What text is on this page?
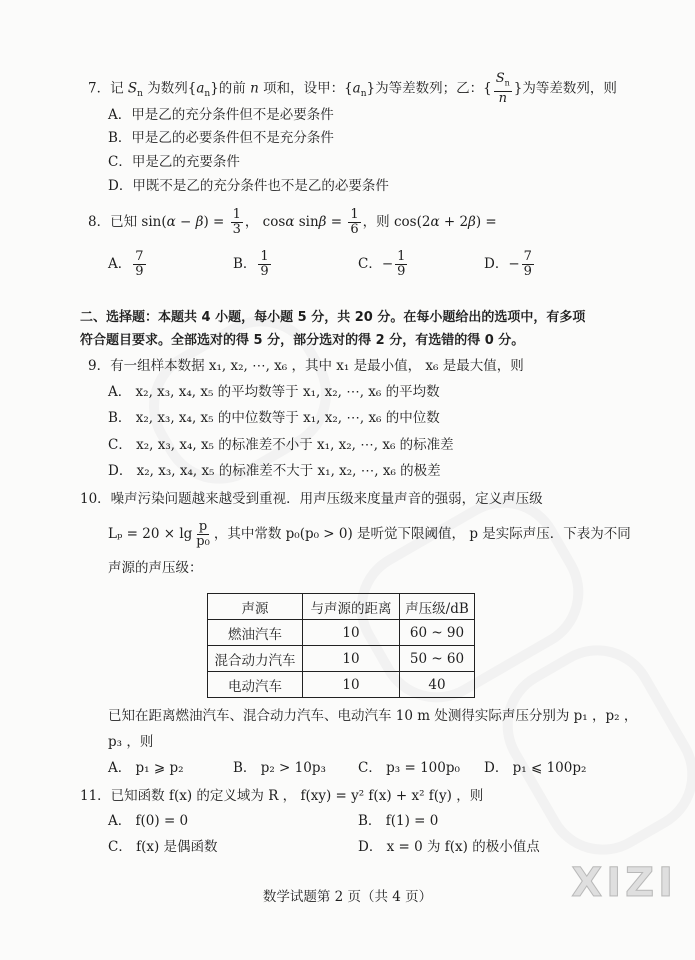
7．记 $S_n$ 为数列$\{a_n\}$的前 n 项和，设甲：$\{a_n\}$为等差数列；乙：{ $\frac{S_n}{n}$ }为等差数列，则
A．甲是乙的充分条件但不是必要条件
B．甲是乙的必要条件但不是充分条件
C．甲是乙的充要条件
D．甲既不是乙的充分条件也不是乙的必要条件
8．已知 $\sin(\alpha - \beta) = \frac{1}{3}$ ， cosα $\sin\beta = \frac{1}{6}$ ，则 cos(2α + 2β) =
A． $\frac{7}{9}$	B． $\frac{1}{9}$	C．− $\frac{1}{9}$	D．− $\frac{7}{9}$
二、选择题：本题共 4 小题，每小题 5 分，共 20 分。在每小题给出的选项中，有多项
符合题目要求。全部选对的得 5 分，部分选对的得 2 分，有选错的得 0 分。
9．有一组样本数据 x₁, x₂, ⋯, x₆ ，其中 x₁ 是最小值， x₆ 是最大值，则
A． x₂, x₃, x₄, x₅ 的平均数等于 x₁, x₂, ⋯, x₆ 的平均数
B． x₂, x₃, x₄, x₅ 的中位数等于 x₁, x₂, ⋯, x₆ 的中位数
C． x₂, x₃, x₄, x₅ 的标准差不小于 x₁, x₂, ⋯, x₆ 的标准差
D． x₂, x₃, x₄, x₅ 的标准差不大于 x₁, x₂, ⋯, x₆ 的极差
10．噪声污染问题越来越受到重视．用声压级来度量声音的强弱，定义声压级
$L_p = 20 \times \lg \frac{p}{\text{p₀}}$ ，其中常数 p₀(p₀ > 0) 是听觉下限阈值， p 是实际声压．下表为不同
声源的声压级：
声源	与声源的距离	声压级/dB
燃油汽车	10	60 ~ 90
混合动力汽车	10	50 ~ 60
电动汽车	10	40
已知在距离燃油汽车、混合动力汽车、电动汽车 10 m 处测得实际声压分别为 p₁ ，p₂ ，
p₃ ，则
A． p₁ ⩾ p₂	B． p₂ > 10p₃ C． p₃ = 100p₀ D． p₁ ⩽ 100p₂
11．已知函数 f(x) 的定义域为 R ， f(xy) = y² f(x) + x² f(y) ，则
A． f(0) = 0	B． f(1) = 0
C． f(x) 是偶函数	D． x = 0 为 f(x) 的极小值点
数学试题第 2 页（共 4 页）	XIZI
